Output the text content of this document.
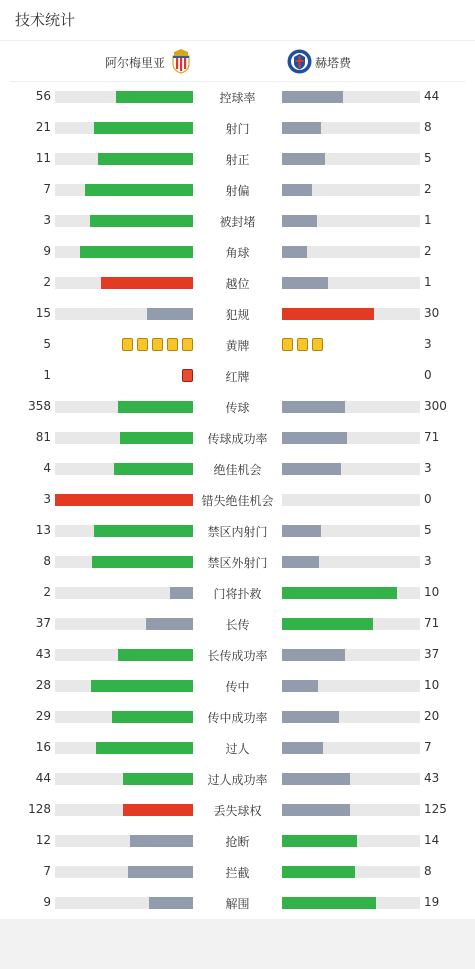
技术统计
阿尔梅里亚	赫塔费
56	控球率	44
21	射门	8
11	射正	5
7	射偏	2
3	被封堵	1
9	角球	2
2	越位	1
15	犯规	30
5	黄牌	3
1	红牌	0
358	传球	300
81	传球成功率	71
4	绝佳机会	3
3	错失绝佳机会	0
13	禁区内射门	5
8	禁区外射门	3
2	门将扑救	10
37	长传	71
43	长传成功率	37
28	传中	10
29	传中成功率	20
16	过人	7
44	过人成功率	43
128	丢失球权	125
12	抢断	14
7	拦截	8
9	解围	19
